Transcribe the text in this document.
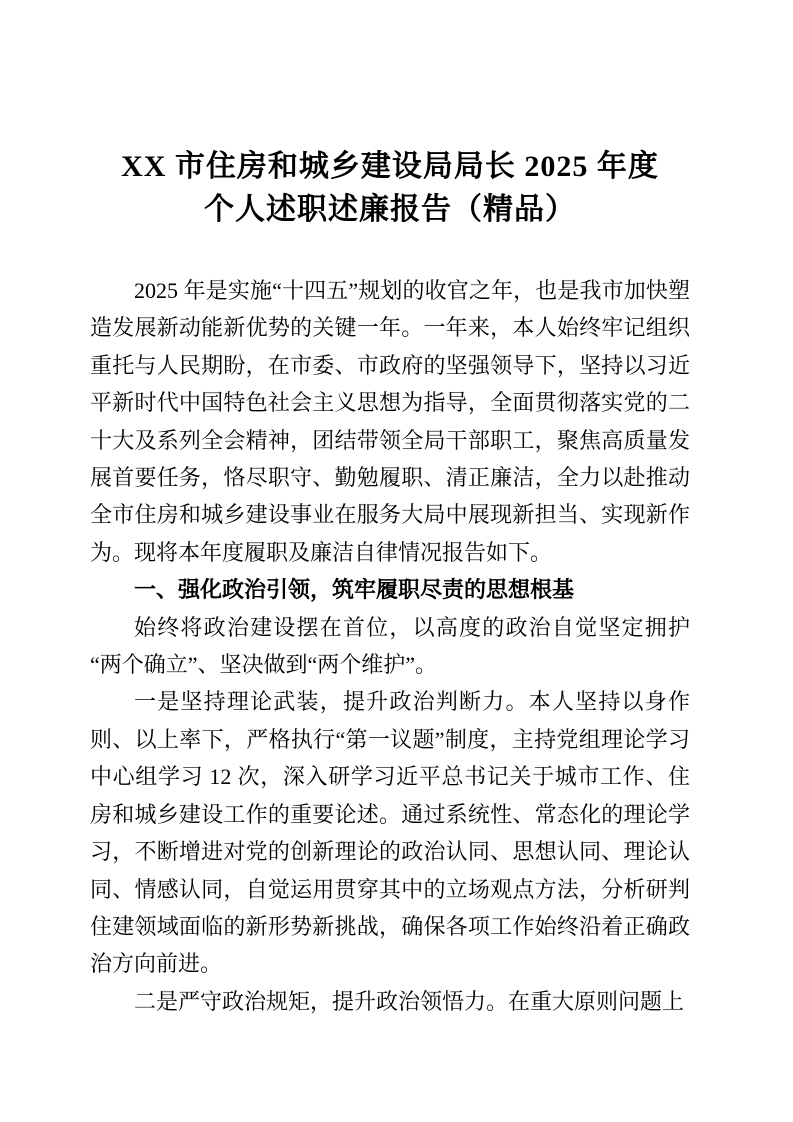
XX 市住房和城乡建设局局长 2025 年度
个人述职述廉报告（精品）

2025 年是实施“十四五”规划的收官之年，也是我市加快塑造发展新动能新优势的关键一年。一年来，本人始终牢记组织重托与人民期盼，在市委、市政府的坚强领导下，坚持以习近平新时代中国特色社会主义思想为指导，全面贯彻落实党的二十大及系列全会精神，团结带领全局干部职工，聚焦高质量发展首要任务，恪尽职守、勤勉履职、清正廉洁，全力以赴推动全市住房和城乡建设事业在服务大局中展现新担当、实现新作为。现将本年度履职及廉洁自律情况报告如下。

一、强化政治引领，筑牢履职尽责的思想根基

始终将政治建设摆在首位，以高度的政治自觉坚定拥护“两个确立”、坚决做到“两个维护”。

一是坚持理论武装，提升政治判断力。本人坚持以身作则、以上率下，严格执行“第一议题”制度，主持党组理论学习中心组学习 12 次，深入研学习近平总书记关于城市工作、住房和城乡建设工作的重要论述。通过系统性、常态化的理论学习，不断增进对党的创新理论的政治认同、思想认同、理论认同、情感认同，自觉运用贯穿其中的立场观点方法，分析研判住建领域面临的新形势新挑战，确保各项工作始终沿着正确政治方向前进。

二是严守政治规矩，提升政治领悟力。在重大原则问题上
